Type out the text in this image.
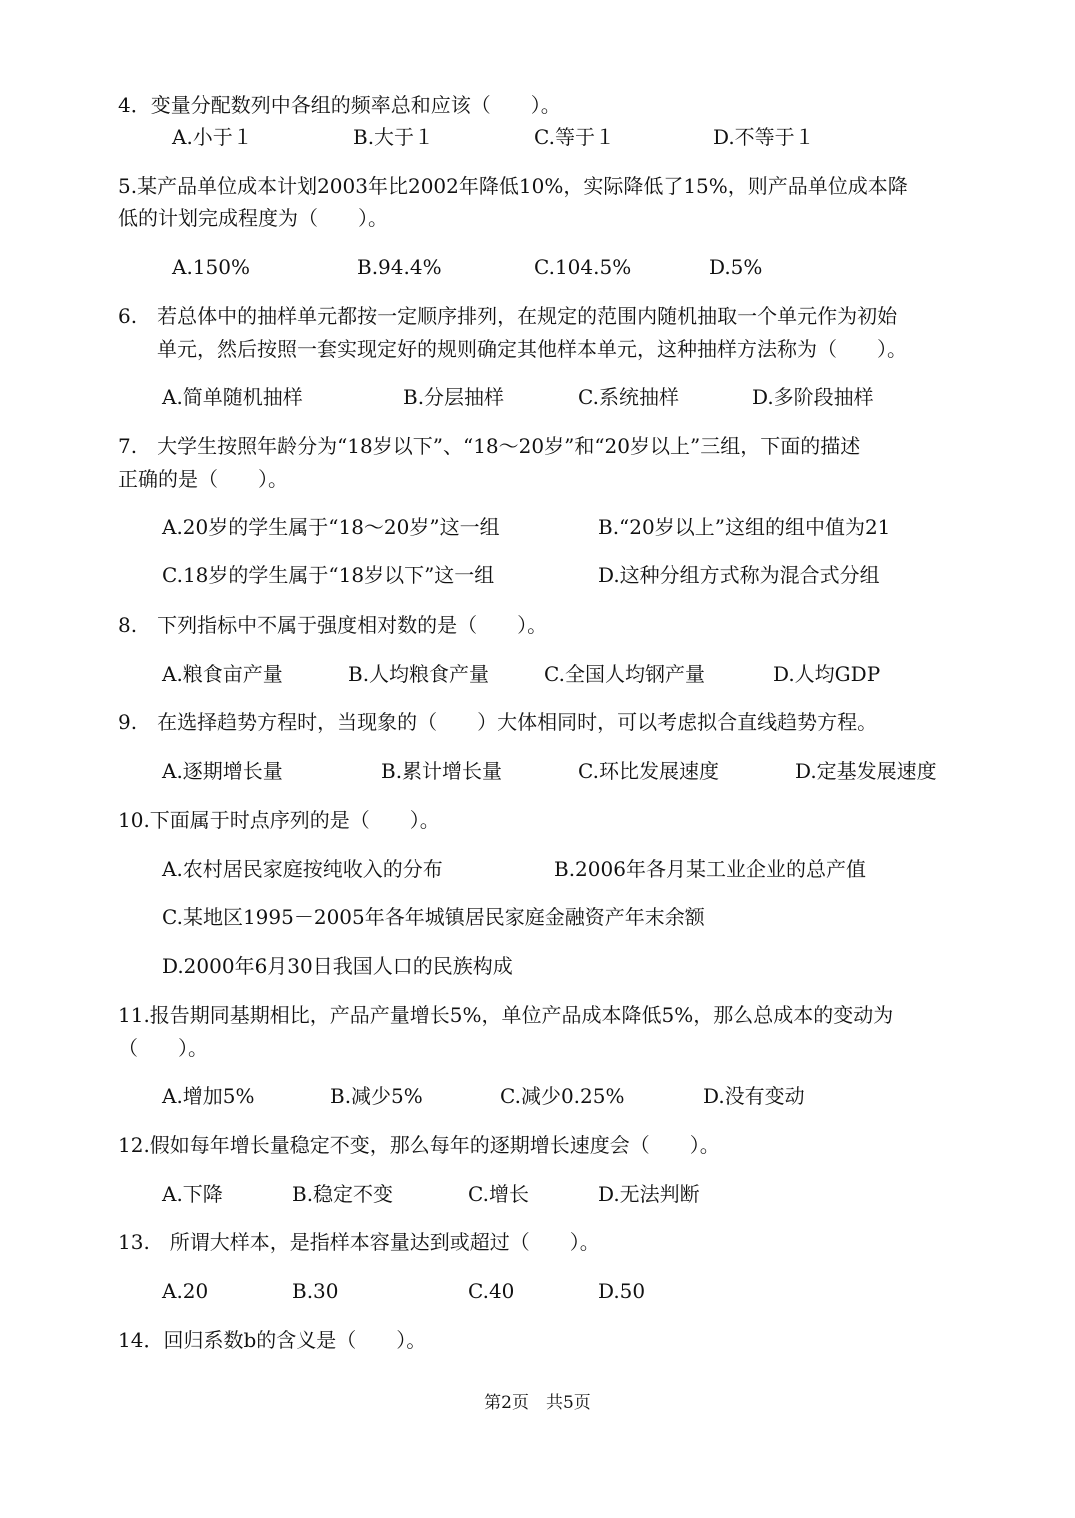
4．变量分配数列中各组的频率总和应该（　　）。
A.小于１	B.大于１	C.等于１	D.不等于１
5.某产品单位成本计划2003年比2002年降低10%，实际降低了15%，则产品单位成本降
低的计划完成程度为（　　）。
A.150%	B.94.4%	C.104.5%	D.5%
6.　若总体中的抽样单元都按一定顺序排列，在规定的范围内随机抽取一个单元作为初始
单元，然后按照一套实现定好的规则确定其他样本单元，这种抽样方法称为（　　）。
A.简单随机抽样	B.分层抽样	C.系统抽样	D.多阶段抽样
7.　大学生按照年龄分为“18岁以下”、“18～20岁”和“20岁以上”三组，下面的描述
正确的是（　　）。
A.20岁的学生属于“18～20岁”这一组	B.“20岁以上”这组的组中值为21
C.18岁的学生属于“18岁以下”这一组	D.这种分组方式称为混合式分组
8.　下列指标中不属于强度相对数的是（　　）。
A.粮食亩产量	B.人均粮食产量	C.全国人均钢产量	D.人均GDP
9.　在选择趋势方程时，当现象的（　　）大体相同时，可以考虑拟合直线趋势方程。
A.逐期增长量	B.累计增长量	C.环比发展速度	D.定基发展速度
10.下面属于时点序列的是（　　）。
A.农村居民家庭按纯收入的分布	B.2006年各月某工业企业的总产值
C.某地区1995－2005年各年城镇居民家庭金融资产年末余额
D.2000年6月30日我国人口的民族构成
11.报告期同基期相比，产品产量增长5%，单位产品成本降低5%，那么总成本的变动为
（　　）。
A.增加5%	B.减少5%	C.减少0.25%	D.没有变动
12.假如每年增长量稳定不变，那么每年的逐期增长速度会（　　）。
A.下降	B.稳定不变	C.增长	D.无法判断
13.　所谓大样本，是指样本容量达到或超过（　　）。
A.20	B.30	C.40	D.50
14．回归系数b的含义是（　　）。
第2页　共5页
